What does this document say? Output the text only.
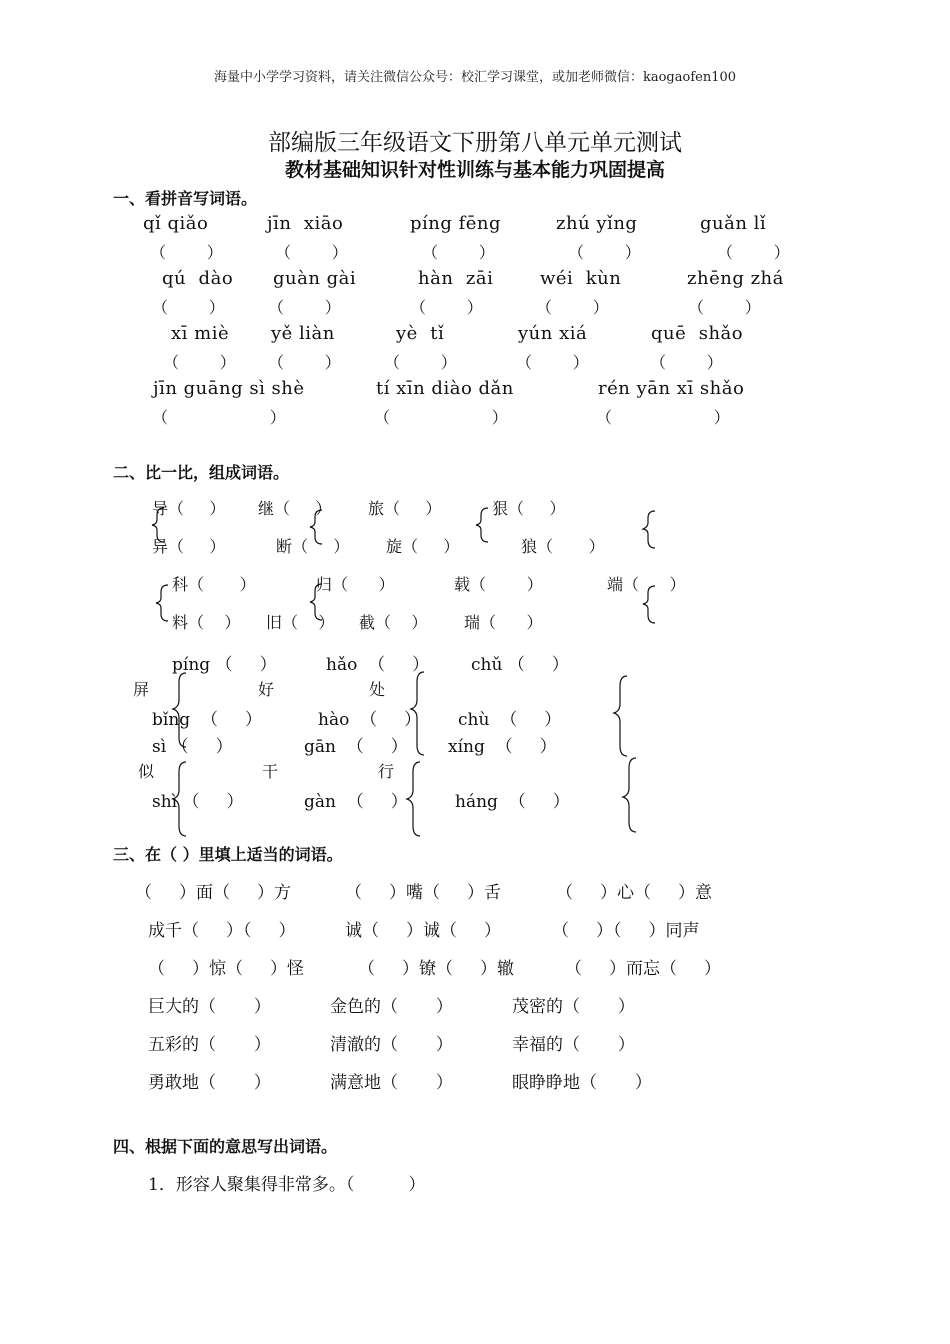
海量中小学学习资料，请关注微信公众号：校汇学习课堂，或加老师微信：kaogaofen100
部编版三年级语文下册第八单元单元测试
教材基础知识针对性训练与基本能力巩固提高
一、看拼音写词语。
qǐ qiǎo	jīn  xiāo	píng fēng	zhú yǐng	guǎn lǐ
（        ）	（        ）	（        ）	（        ）	（        ）
qú  dào guàn gài	hàn  zāi	wéi  kùn	zhēng zhá
（        ）	（        ）	（        ）	（        ）	（        ）
xī miè yě liàn	yè  tǐ	yún xiá	quē  shǎo
（        ） （        ）	（        ）	（        ）	（        ）
jīn guāng sì shè	tí xīn diào dǎn	rén yān xī shǎo
（                    ）	（                    ）	（                    ）
二、比一比，组成词语。
导（     ） 继（     ） 旅（     ）	狠（     ）
异（     ）	断（     ） 旋（     ）	狼（       ）
科（       ）	归（      ）	载（        ）	端（      ）
料（    ） 旧（    ） 截（    ） 瑞（      ）
píng （     ）	hǎo  （     ） chǔ （     ）
屏	好	处
bǐng  （     ）	hào  （     ） chù  （     ）
sì （     ）	gān  （     ） xíng  （     ）
似	干	行
shì （     ）	gàn  （     ）	háng  （     ）
三、在（ ）里填上适当的词语。
（     ）面（     ）方	（     ）嘴（     ）舌	（     ）心（     ）意
成千（     ）（     ）	诚（     ）诚（     ）	（     ）（     ）同声
（     ）惊（     ）怪	（     ）镣（     ）辙	（     ）而忘（     ）
巨大的（       ）	金色的（       ）	茂密的（       ）
五彩的（       ）	清澈的（       ）	幸福的（       ）
勇敢地（       ）	满意地（       ）	眼睁睁地（       ）
四、根据下面的意思写出词语。
1．形容人聚集得非常多。（          ）
